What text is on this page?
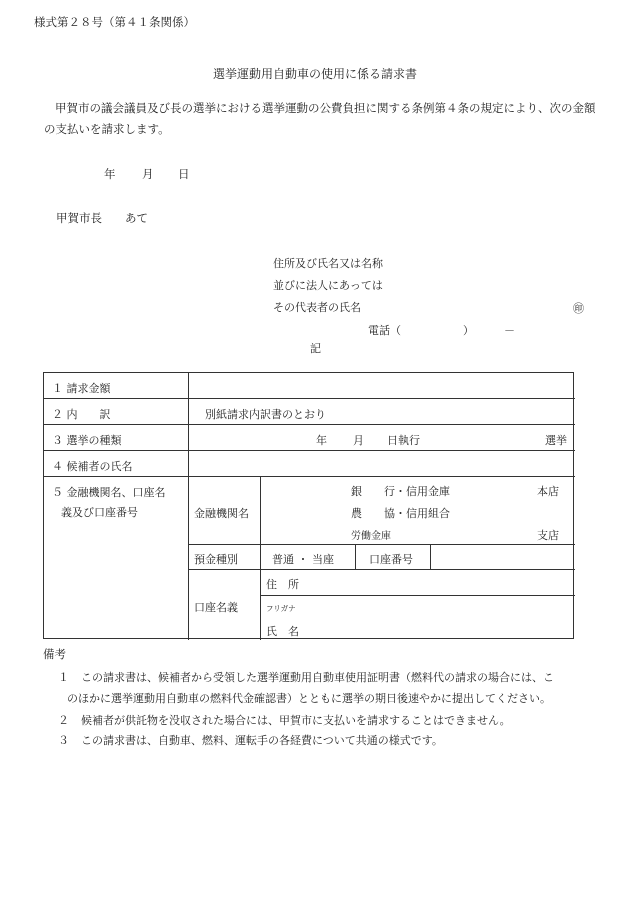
様式第２８号（第４１条関係）
選挙運動用自動車の使用に係る請求書
甲賀市の議会議員及び長の選挙における選挙運動の公費負担に関する条例第４条の規定により、次の金額の支払いを請求します。
年 月 日
甲賀市長　　あて
住所及び氏名又は名称
並びに法人にあっては
その代表者の氏名	㊞
電話（	）	－
記
１ 請求金額
２ 内　　訳	別紙請求内訳書のとおり
３ 選挙の種類	年 月 日執行	選挙
４ 候補者の氏名
５ 金融機関名、口座名
義及び口座番号	金融機関名
銀　　行・信用金庫	本店
農　　協・信用組合
労働金庫	支店
預金種別	普通 ・ 当座	口座番号
口座名義
住　所
フリガナ
氏　名
備考
１ この請求書は、候補者から受領した選挙運動用自動車使用証明書（燃料代の請求の場合には、こ
のほかに選挙運動用自動車の燃料代金確認書）とともに選挙の期日後速やかに提出してください。
２ 候補者が供託物を没収された場合には、甲賀市に支払いを請求することはできません。
３ この請求書は、自動車、燃料、運転手の各経費について共通の様式です。
